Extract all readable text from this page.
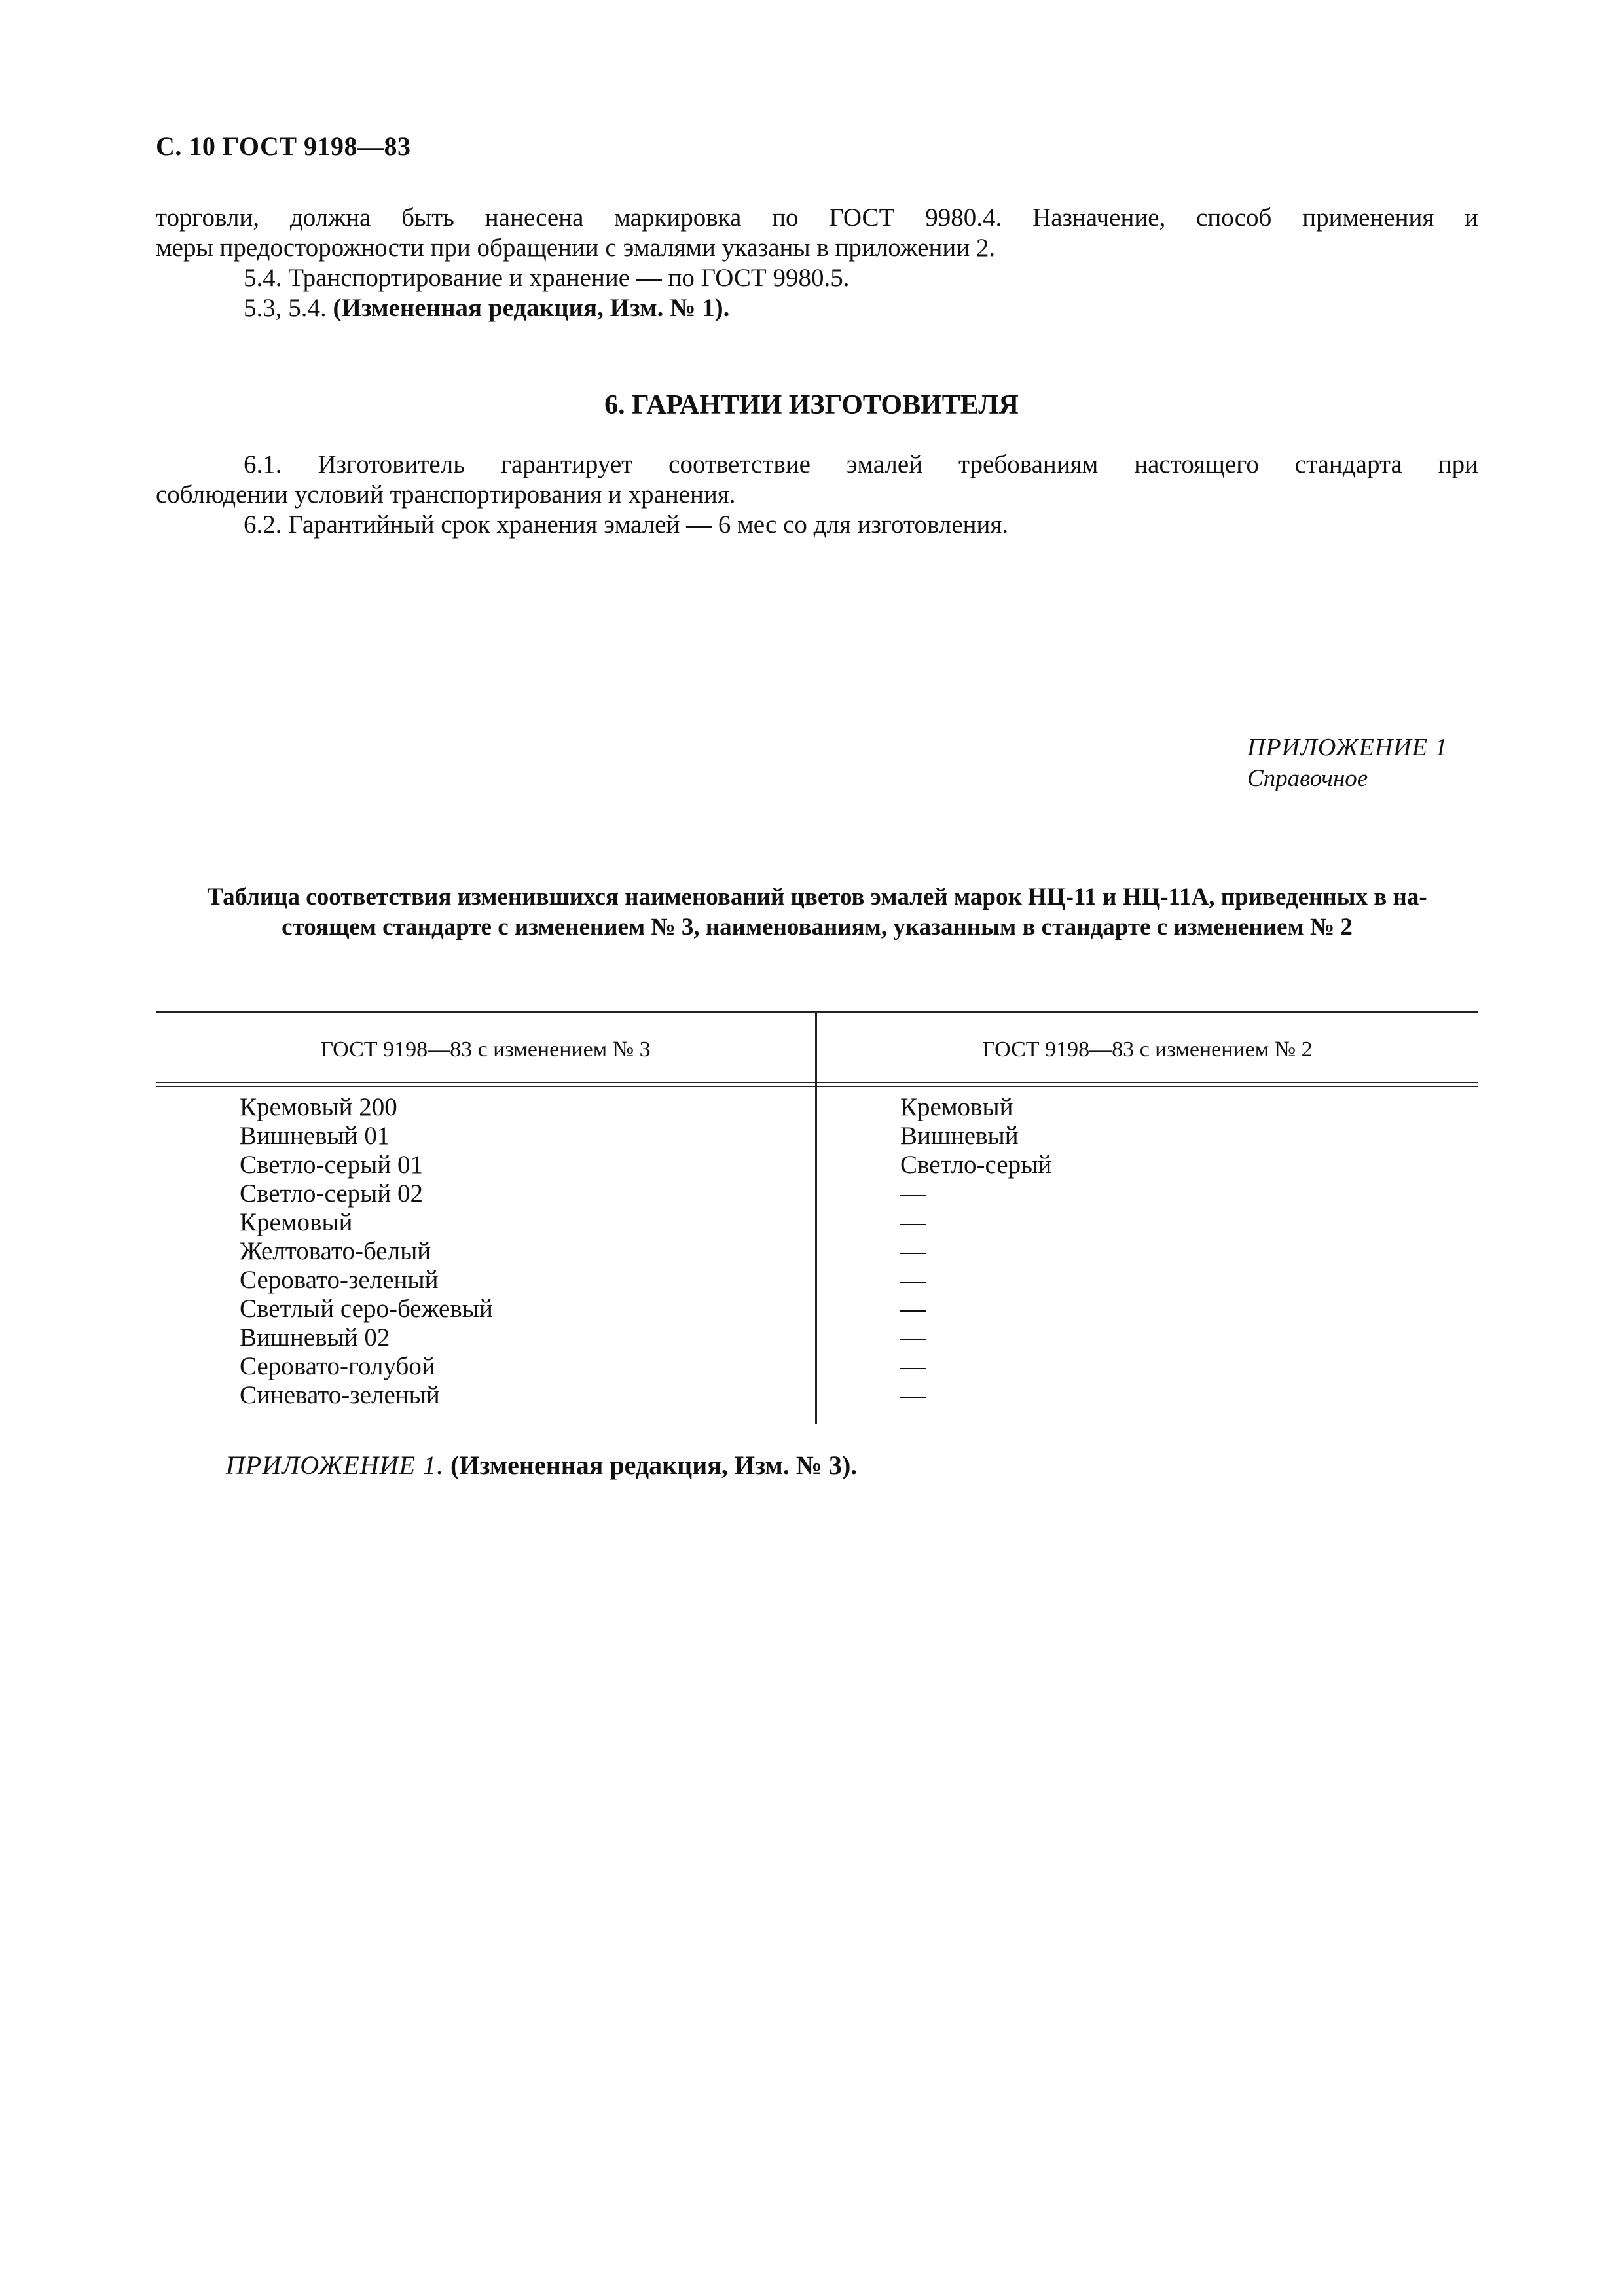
С. 10 ГОСТ 9198—83
торговли, должна быть нанесена маркировка по ГОСТ 9980.4. Назначение, способ применения и
меры предосторожности при обращении с эмалями указаны в приложении 2.
5.4. Транспортирование и хранение — по ГОСТ 9980.5.
5.3, 5.4. (Измененная редакция, Изм. № 1).
6. ГАРАНТИИ ИЗГОТОВИТЕЛЯ
6.1. Изготовитель гарантирует соответствие эмалей требованиям настоящего стандарта при
соблюдении условий транспортирования и хранения.
6.2. Гарантийный срок хранения эмалей — 6 мес со для изготовления.
ПРИЛОЖЕНИЕ 1
Справочное
Таблица соответствия изменившихся наименований цветов эмалей марок НЦ-11 и НЦ-11А, приведенных в на-
стоящем стандарте с изменением № 3, наименованиям, указанным в стандарте с изменением № 2
ГОСТ 9198—83 с изменением № 3	ГОСТ 9198—83 с изменением № 2
Кремовый 200
Вишневый 01
Светло-серый 01
Светло-серый 02
Кремовый
Желтовато-белый
Серовато-зеленый
Светлый серо-бежевый
Вишневый 02
Серовато-голубой
Синевато-зеленый
Кремовый
Вишневый
Светло-серый
—
—
—
—
—
—
—
—
ПРИЛОЖЕНИЕ 1. (Измененная редакция, Изм. № 3).
